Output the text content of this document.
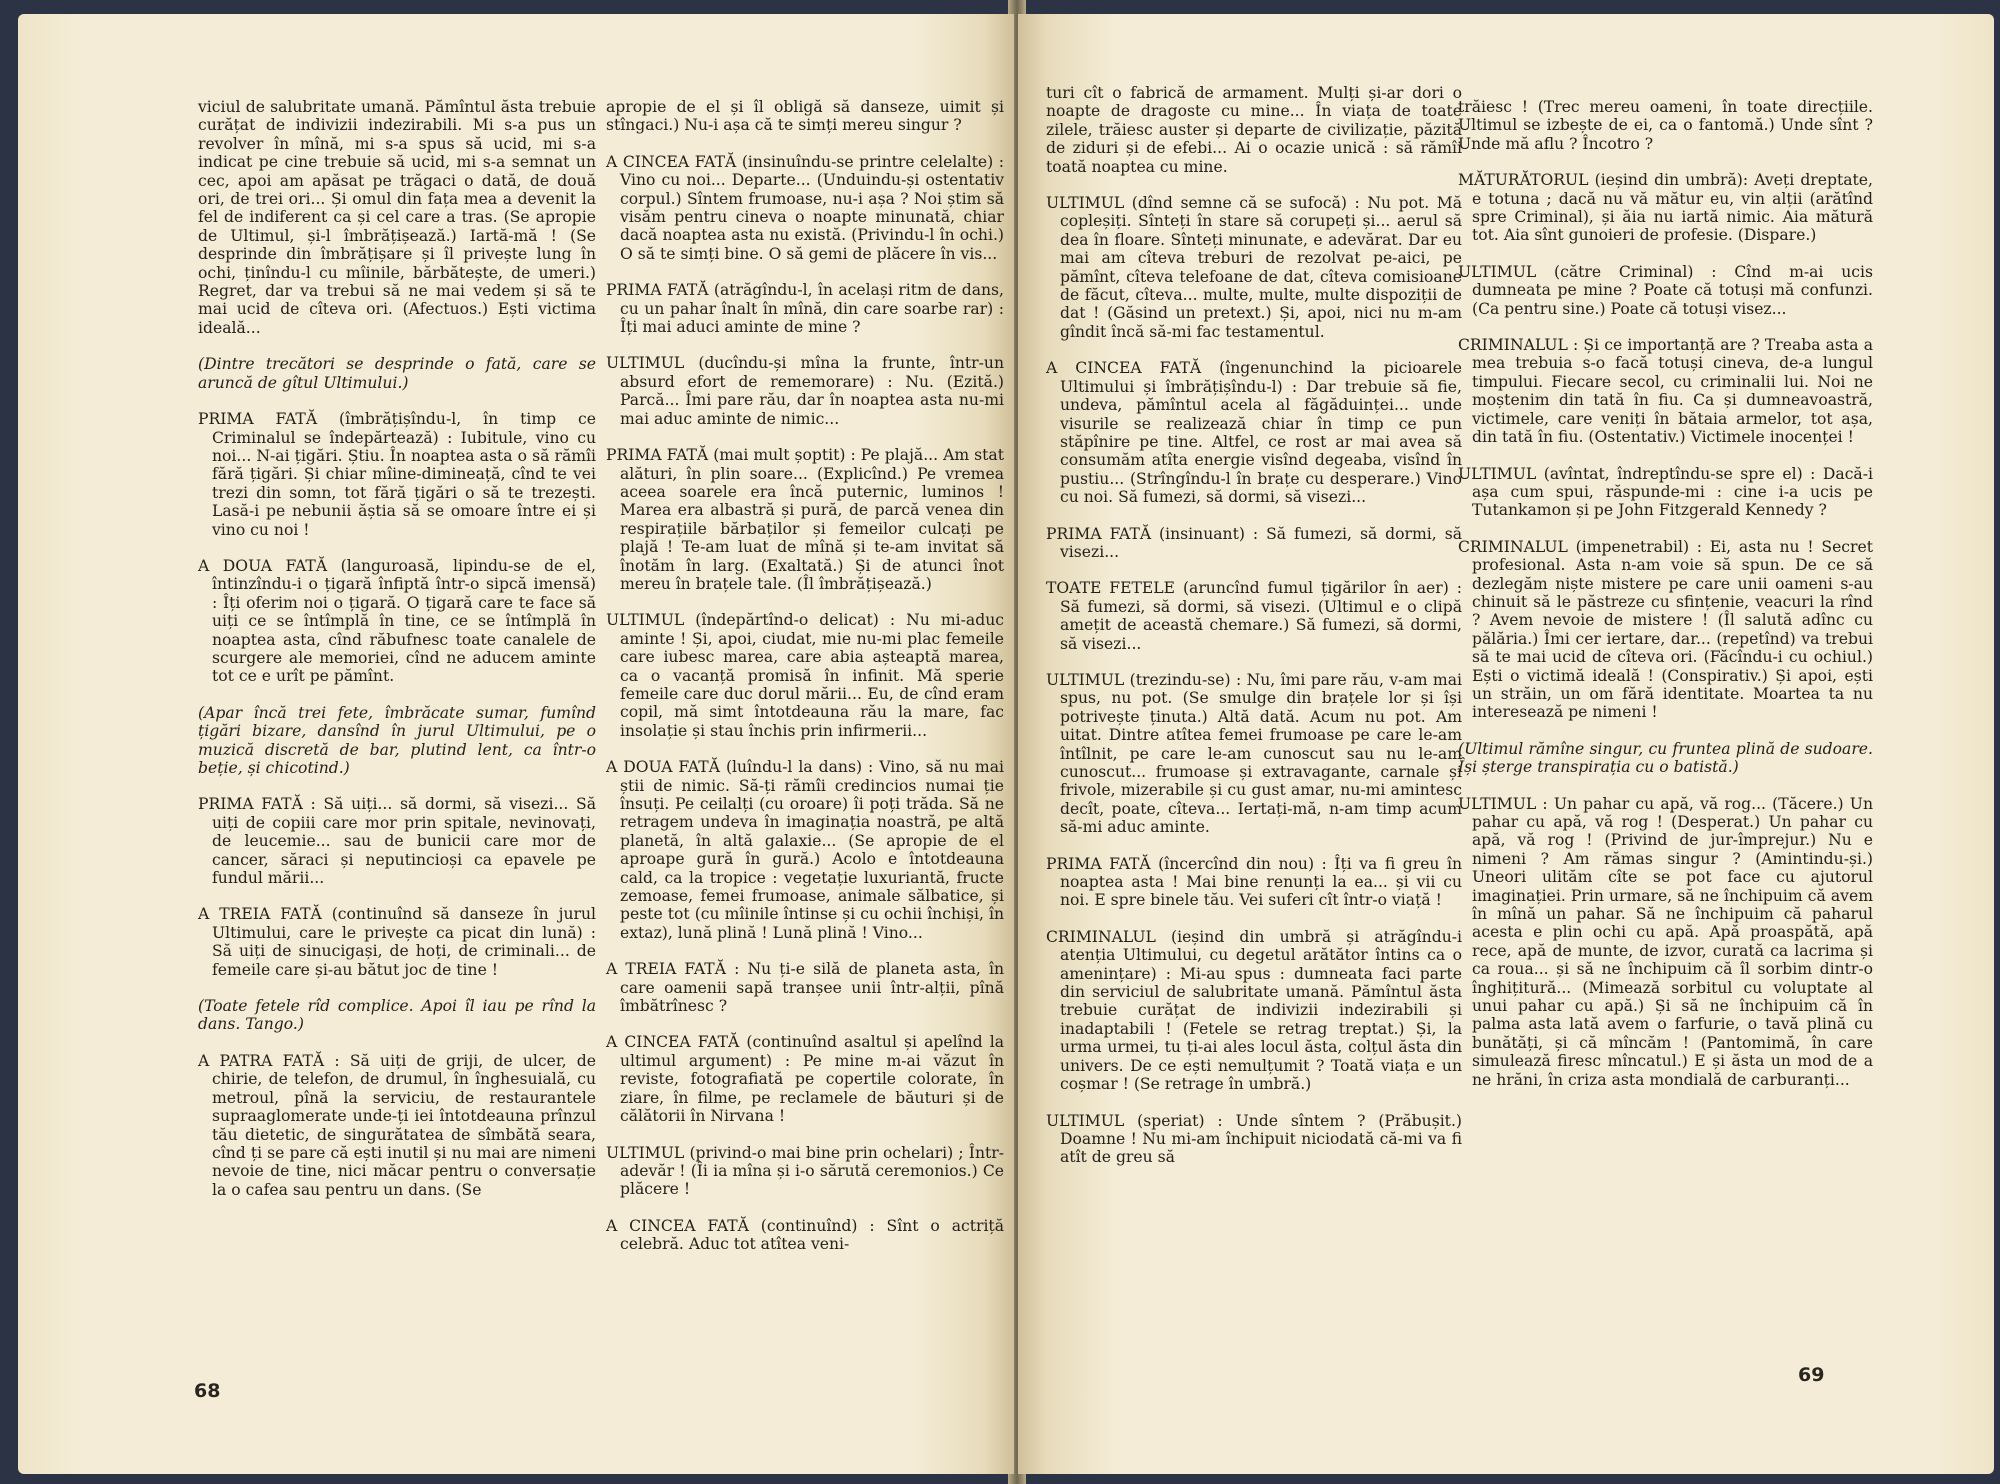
viciul de salubritate umană. Pămîntul ăsta trebuie curățat de indivizii indezirabili. Mi s-a pus un revolver în mînă, mi s-a spus să ucid, mi s-a indicat pe cine trebuie să ucid, mi s-a semnat un cec, apoi am apăsat pe trăgaci o dată, de două ori, de trei ori... Și omul din fața mea a devenit la fel de indiferent ca și cel care a tras. (Se apropie de Ultimul, și-l îmbrățișează.) Iartă-mă ! (Se desprinde din îmbrățișare și îl privește lung în ochi, ținîndu-l cu mîinile, bărbătește, de umeri.) Regret, dar va trebui să ne mai vedem și să te mai ucid de cîteva ori. (Afectuos.) Ești victima ideală...

(Dintre trecători se desprinde o fată, care se aruncă de gîtul Ultimului.)

PRIMA FATĂ (îmbrățișîndu-l, în timp ce Criminalul se îndepărtează) : Iubitule, vino cu noi... N-ai țigări. Știu. În noaptea asta o să rămîi fără țigări. Și chiar mîine-dimineață, cînd te vei trezi din somn, tot fără țigări o să te trezești. Lasă-i pe nebunii ăștia să se omoare între ei și vino cu noi !

A DOUA FATĂ (languroasă, lipindu-se de el, întinzîndu-i o țigară înfiptă într-o sipcă imensă) : Îți oferim noi o țigară. O țigară care te face să uiți ce se întîmplă în tine, ce se întîmplă în noaptea asta, cînd răbufnesc toate canalele de scurgere ale memoriei, cînd ne aducem aminte tot ce e urît pe pămînt.

(Apar încă trei fete, îmbrăcate sumar, fumînd țigări bizare, dansînd în jurul Ultimului, pe o muzică discretă de bar, plutind lent, ca într-o beție, și chicotind.)

PRIMA FATĂ : Să uiți... să dormi, să visezi... Să uiți de copiii care mor prin spitale, nevinovați, de leucemie... sau de bunicii care mor de cancer, săraci și neputincioși ca epavele pe fundul mării...

A TREIA FATĂ (continuînd să danseze în jurul Ultimului, care le privește ca picat din lună) : Să uiți de sinucigași, de hoți, de criminali... de femeile care și-au bătut joc de tine !

(Toate fetele rîd complice. Apoi îl iau pe rînd la dans. Tango.)

A PATRA FATĂ : Să uiți de griji, de ulcer, de chirie, de telefon, de drumul, în înghesuială, cu metroul, pînă la serviciu, de restaurantele supraaglomerate unde-ți iei întotdeauna prînzul tău dietetic, de singurătatea de sîmbătă seara, cînd ți se pare că ești inutil și nu mai are nimeni nevoie de tine, nici măcar pentru o conversație la o cafea sau pentru un dans. (Se

apropie de el și îl obligă să danseze, uimit și stîngaci.) Nu-i așa că te simți mereu singur ?

A CINCEA FATĂ (insinuîndu-se printre celelalte) : Vino cu noi... Departe... (Unduindu-și ostentativ corpul.) Sîntem frumoase, nu-i așa ? Noi știm să visăm pentru cineva o noapte minunată, chiar dacă noaptea asta nu există. (Privindu-l în ochi.) O să te simți bine. O să gemi de plăcere în vis...

PRIMA FATĂ (atrăgîndu-l, în același ritm de dans, cu un pahar înalt în mînă, din care soarbe rar) : Îți mai aduci aminte de mine ?

ULTIMUL (ducîndu-și mîna la frunte, într-un absurd efort de rememorare) : Nu. (Ezită.) Parcă... Îmi pare rău, dar în noaptea asta nu-mi mai aduc aminte de nimic...

PRIMA FATĂ (mai mult șoptit) : Pe plajă... Am stat alături, în plin soare... (Explicînd.) Pe vremea aceea soarele era încă puternic, luminos ! Marea era albastră și pură, de parcă venea din respirațiile bărbaților și femeilor culcați pe plajă ! Te-am luat de mînă și te-am invitat să înotăm în larg. (Exaltată.) Și de atunci înot mereu în brațele tale. (Îl îmbrățișează.)

ULTIMUL (îndepărtînd-o delicat) : Nu mi-aduc aminte ! Și, apoi, ciudat, mie nu-mi plac femeile care iubesc marea, care abia așteaptă marea, ca o vacanță promisă în infinit. Mă sperie femeile care duc dorul mării... Eu, de cînd eram copil, mă simt întotdeauna rău la mare, fac insolație și stau închis prin infirmerii...

A DOUA FATĂ (luîndu-l la dans) : Vino, să nu mai știi de nimic. Să-ți rămîi credincios numai ție însuți. Pe ceilalți (cu oroare) îi poți trăda. Să ne retragem undeva în imaginația noastră, pe altă planetă, în altă galaxie... (Se apropie de el aproape gură în gură.) Acolo e întotdeauna cald, ca la tropice : vegetație luxuriantă, fructe zemoase, femei frumoase, animale sălbatice, și peste tot (cu mîinile întinse și cu ochii închiși, în extaz), lună plină ! Lună plină ! Vino...

A TREIA FATĂ : Nu ți-e silă de planeta asta, în care oamenii sapă tranșee unii într-alții, pînă îmbătrînesc ?

A CINCEA FATĂ (continuînd asaltul și apelînd la ultimul argument) : Pe mine m-ai văzut în reviste, fotografiată pe copertile colorate, în ziare, în filme, pe reclamele de băuturi și de călătorii în Nirvana !

ULTIMUL (privind-o mai bine prin ochelari) ; Într-adevăr ! (Îi ia mîna și i-o sărută ceremonios.) Ce plăcere !

A CINCEA FATĂ (continuînd) : Sînt o actriță celebră. Aduc tot atîtea veni-

68

turi cît o fabrică de armament. Mulți și-ar dori o noapte de dragoste cu mine... În viața de toate zilele, trăiesc auster și departe de civilizație, păzită de ziduri și de efebi... Ai o ocazie unică : să rămîi toată noaptea cu mine.

ULTIMUL (dînd semne că se sufocă) : Nu pot. Mă copleșiți. Sînteți în stare să corupeți și... aerul să dea în floare. Sînteți minunate, e adevărat. Dar eu mai am cîteva treburi de rezolvat pe-aici, pe pămînt, cîteva telefoane de dat, cîteva comisioane de făcut, cîteva... multe, multe, multe dispoziții de dat ! (Găsind un pretext.) Și, apoi, nici nu m-am gîndit încă să-mi fac testamentul.

A CINCEA FATĂ (îngenunchind la picioarele Ultimului și îmbrățișîndu-l) : Dar trebuie să fie, undeva, pămîntul acela al făgăduinței... unde visurile se realizează chiar în timp ce pun stăpînire pe tine. Altfel, ce rost ar mai avea să consumăm atîta energie visînd degeaba, visînd în pustiu... (Strîngîndu-l în brațe cu desperare.) Vino cu noi. Să fumezi, să dormi, să visezi...

PRIMA FATĂ (insinuant) : Să fumezi, să dormi, să visezi...

TOATE FETELE (aruncînd fumul țigărilor în aer) : Să fumezi, să dormi, să visezi. (Ultimul e o clipă amețit de această chemare.) Să fumezi, să dormi, să visezi...

ULTIMUL (trezindu-se) : Nu, îmi pare rău, v-am mai spus, nu pot. (Se smulge din brațele lor și își potrivește ținuta.) Altă dată. Acum nu pot. Am uitat. Dintre atîtea femei frumoase pe care le-am întîlnit, pe care le-am cunoscut sau nu le-am cunoscut... frumoase și extravagante, carnale și frivole, mizerabile și cu gust amar, nu-mi amintesc decît, poate, cîteva... Iertați-mă, n-am timp acum să-mi aduc aminte.

PRIMA FATĂ (încercînd din nou) : Îți va fi greu în noaptea asta ! Mai bine renunți la ea... și vii cu noi. E spre binele tău. Vei suferi cît într-o viață !

CRIMINALUL (ieșind din umbră și atrăgîndu-i atenția Ultimului, cu degetul arătător întins ca o amenințare) : Mi-au spus : dumneata faci parte din serviciul de salubritate umană. Pămîntul ăsta trebuie curățat de indivizii indezirabili și inadaptabili ! (Fetele se retrag treptat.) Și, la urma urmei, tu ți-ai ales locul ăsta, colțul ăsta din univers. De ce ești nemulțumit ? Toată viața e un coșmar ! (Se retrage în umbră.)

ULTIMUL (speriat) : Unde sîntem ? (Prăbușit.) Doamne ! Nu mi-am închipuit niciodată că-mi va fi atît de greu să

trăiesc ! (Trec mereu oameni, în toate direcțiile. Ultimul se izbește de ei, ca o fantomă.) Unde sînt ? Unde mă aflu ? Încotro ?

MĂTURĂTORUL (ieșind din umbră): Aveți dreptate, e totuna ; dacă nu vă mătur eu, vin alții (arătînd spre Criminal), și ăia nu iartă nimic. Aia mătură tot. Aia sînt gunoieri de profesie. (Dispare.)

ULTIMUL (către Criminal) : Cînd m-ai ucis dumneata pe mine ? Poate că totuși mă confunzi. (Ca pentru sine.) Poate că totuși visez...

CRIMINALUL : Și ce importanță are ? Treaba asta a mea trebuia s-o facă totuși cineva, de-a lungul timpului. Fiecare secol, cu criminalii lui. Noi ne moștenim din tată în fiu. Ca și dumneavoastră, victimele, care veniți în bătaia armelor, tot așa, din tată în fiu. (Ostentativ.) Victimele inocenței !

ULTIMUL (avîntat, îndreptîndu-se spre el) : Dacă-i așa cum spui, răspunde-mi : cine i-a ucis pe Tutankamon și pe John Fitzgerald Kennedy ?

CRIMINALUL (impenetrabil) : Ei, asta nu ! Secret profesional. Asta n-am voie să spun. De ce să dezlegăm niște mistere pe care unii oameni s-au chinuit să le păstreze cu sfințenie, veacuri la rînd ? Avem nevoie de mistere ! (Îl salută adînc cu pălăria.) Îmi cer iertare, dar... (repetînd) va trebui să te mai ucid de cîteva ori. (Făcîndu-i cu ochiul.) Ești o victimă ideală ! (Conspirativ.) Și apoi, ești un străin, un om fără identitate. Moartea ta nu interesează pe nimeni !

(Ultimul rămîne singur, cu fruntea plină de sudoare. Își șterge transpirația cu o batistă.)

ULTIMUL : Un pahar cu apă, vă rog... (Tăcere.) Un pahar cu apă, vă rog ! (Desperat.) Un pahar cu apă, vă rog ! (Privind de jur-împrejur.) Nu e nimeni ? Am rămas singur ? (Amintindu-și.) Uneori ulităm cîte se pot face cu ajutorul imaginației. Prin urmare, să ne închipuim că avem în mînă un pahar. Să ne închipuim că paharul acesta e plin ochi cu apă. Apă proaspătă, apă rece, apă de munte, de izvor, curată ca lacrima și ca roua... și să ne închipuim că îl sorbim dintr-o înghițitură... (Mimează sorbitul cu voluptate al unui pahar cu apă.) Și să ne închipuim că în palma asta lată avem o farfurie, o tavă plină cu bunătăți, și că mîncăm ! (Pantomimă, în care simulează firesc mîncatul.) E și ăsta un mod de a ne hrăni, în criza asta mondială de carburanți...

69
